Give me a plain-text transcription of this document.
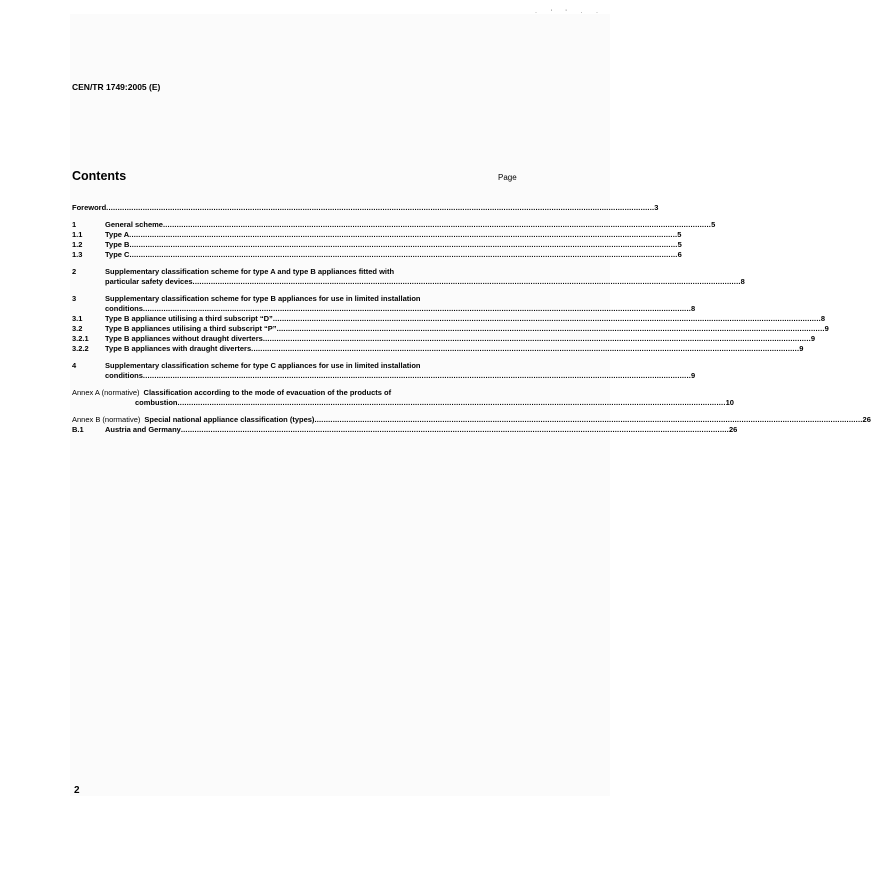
· ' ' · ·
CEN/TR 1749:2005 (E)
Contents	Page
Foreword .....	3
1	General scheme .....	5
1.1	Type A .....	5
1.2	Type B .....	5
1.3	Type C .....	6
2	Supplementary classification scheme for type A and type B appliances fitted with
particular safety devices .....	8
3	Supplementary classification scheme for type B appliances for use in limited installation
conditions .....	8
3.1	Type B appliance utilising a third subscript “D” .....	8
3.2	Type B appliances utilising a third subscript “P” .....	9
3.2.1	Type B appliances without draught diverters .....	9
3.2.2	Type B appliances with draught diverters .....	9
4	Supplementary classification scheme for type C appliances for use in limited installation
conditions .....	9
Annex A (normative) Classification according to the mode of evacuation of the products of
combustion .....	10
Annex B (normative) Special national appliance classification (types) .....	26
B.1	Austria and Germany .....	26
2
